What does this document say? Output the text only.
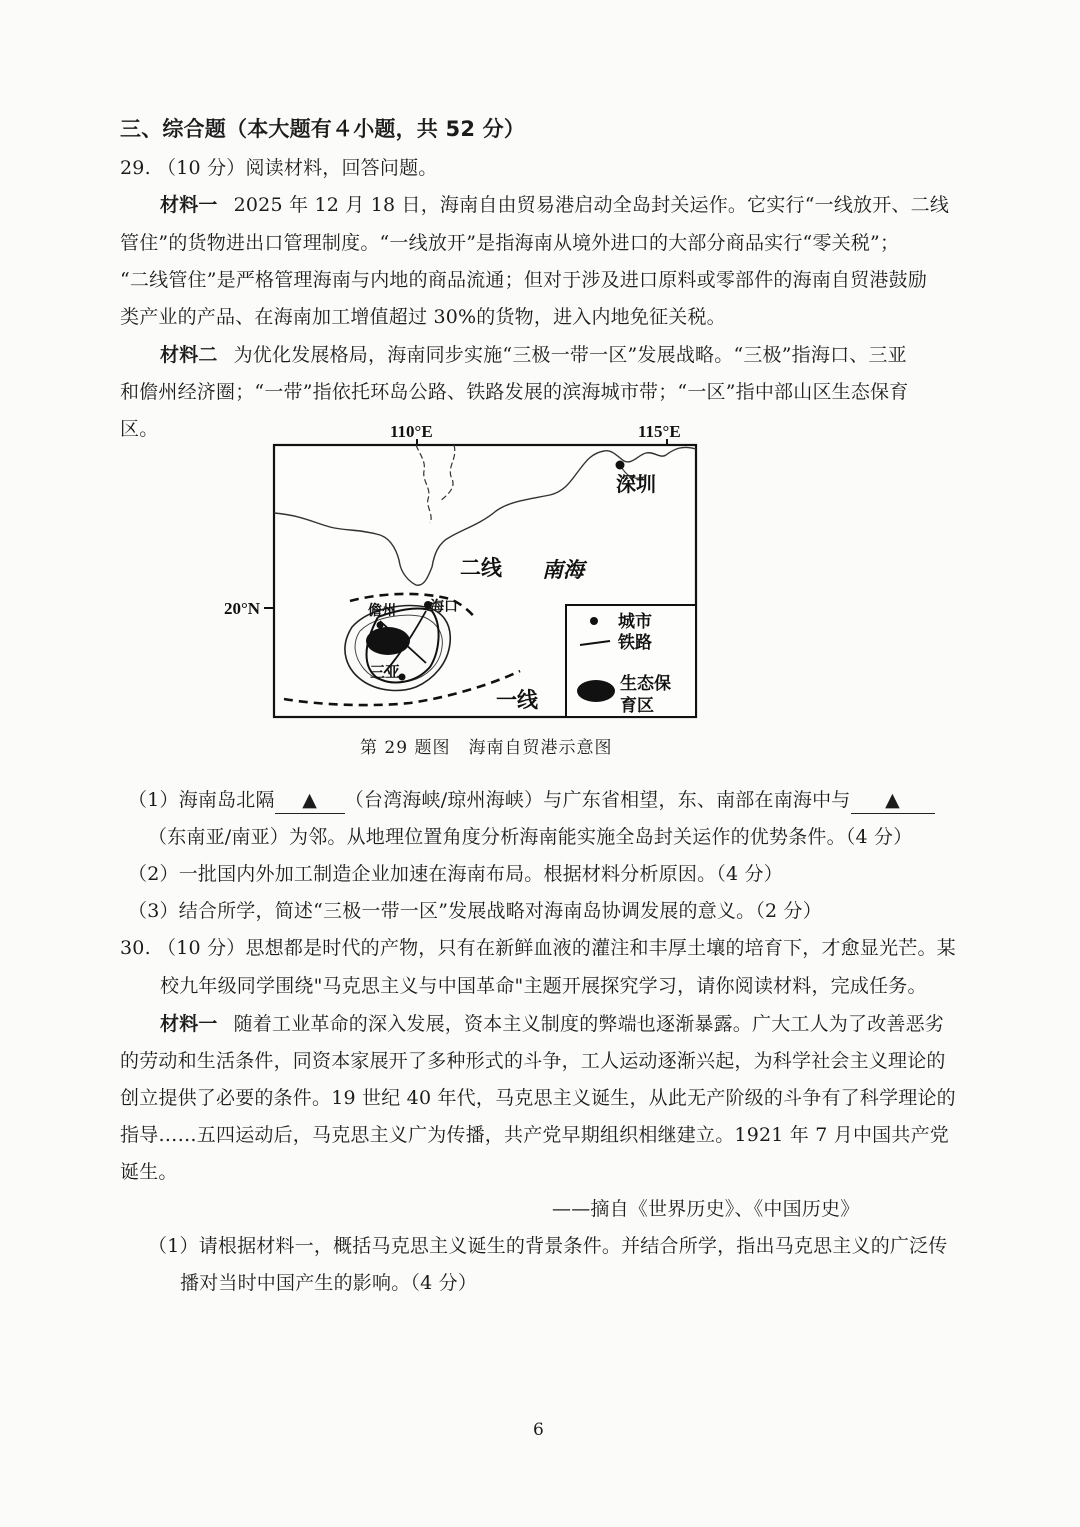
三、综合题（本大题有４小题，共 52 分）
29. （10 分）阅读材料，回答问题。
材料一 2025 年 12 月 18 日，海南自由贸易港启动全岛封关运作。它实行“一线放开、二线
管住”的货物进出口管理制度。“一线放开”是指海南从境外进口的大部分商品实行“零关税”；
“二线管住”是严格管理海南与内地的商品流通；但对于涉及进口原料或零部件的海南自贸港鼓励
类产业的产品、在海南加工增值超过 30%的货物，进入内地免征关税。
材料二 为优化发展格局，海南同步实施“三极一带一区”发展战略。“三极”指海口、三亚
和儋州经济圈；“一带”指依托环岛公路、铁路发展的滨海城市带；“一区”指中部山区生态保育
区。	110°E	115°E
20°N
深圳
二线 南海
儋州 海口
三亚
一线
城市
铁路
生态保
育区
第 29 题图　海南自贸港示意图
（1）海南岛北隔 ▲ （台湾海峡/琼州海峡）与广东省相望，东、南部在南海中与 ▲
（东南亚/南亚）为邻。从地理位置角度分析海南能实施全岛封关运作的优势条件。（4 分）
（2）一批国内外加工制造企业加速在海南布局。根据材料分析原因。（4 分）
（3）结合所学，简述“三极一带一区”发展战略对海南岛协调发展的意义。（2 分）
30. （10 分）思想都是时代的产物，只有在新鲜血液的灌注和丰厚土壤的培育下，才愈显光芒。某
校九年级同学围绕"马克思主义与中国革命"主题开展探究学习，请你阅读材料，完成任务。
材料一 随着工业革命的深入发展，资本主义制度的弊端也逐渐暴露。广大工人为了改善恶劣
的劳动和生活条件，同资本家展开了多种形式的斗争，工人运动逐渐兴起，为科学社会主义理论的
创立提供了必要的条件。19 世纪 40 年代，马克思主义诞生，从此无产阶级的斗争有了科学理论的
指导……五四运动后，马克思主义广为传播，共产党早期组织相继建立。1921 年 7 月中国共产党
诞生。
——摘自《世界历史》、《中国历史》
（1）请根据材料一，概括马克思主义诞生的背景条件。并结合所学，指出马克思主义的广泛传
播对当时中国产生的影响。（4 分）
6
